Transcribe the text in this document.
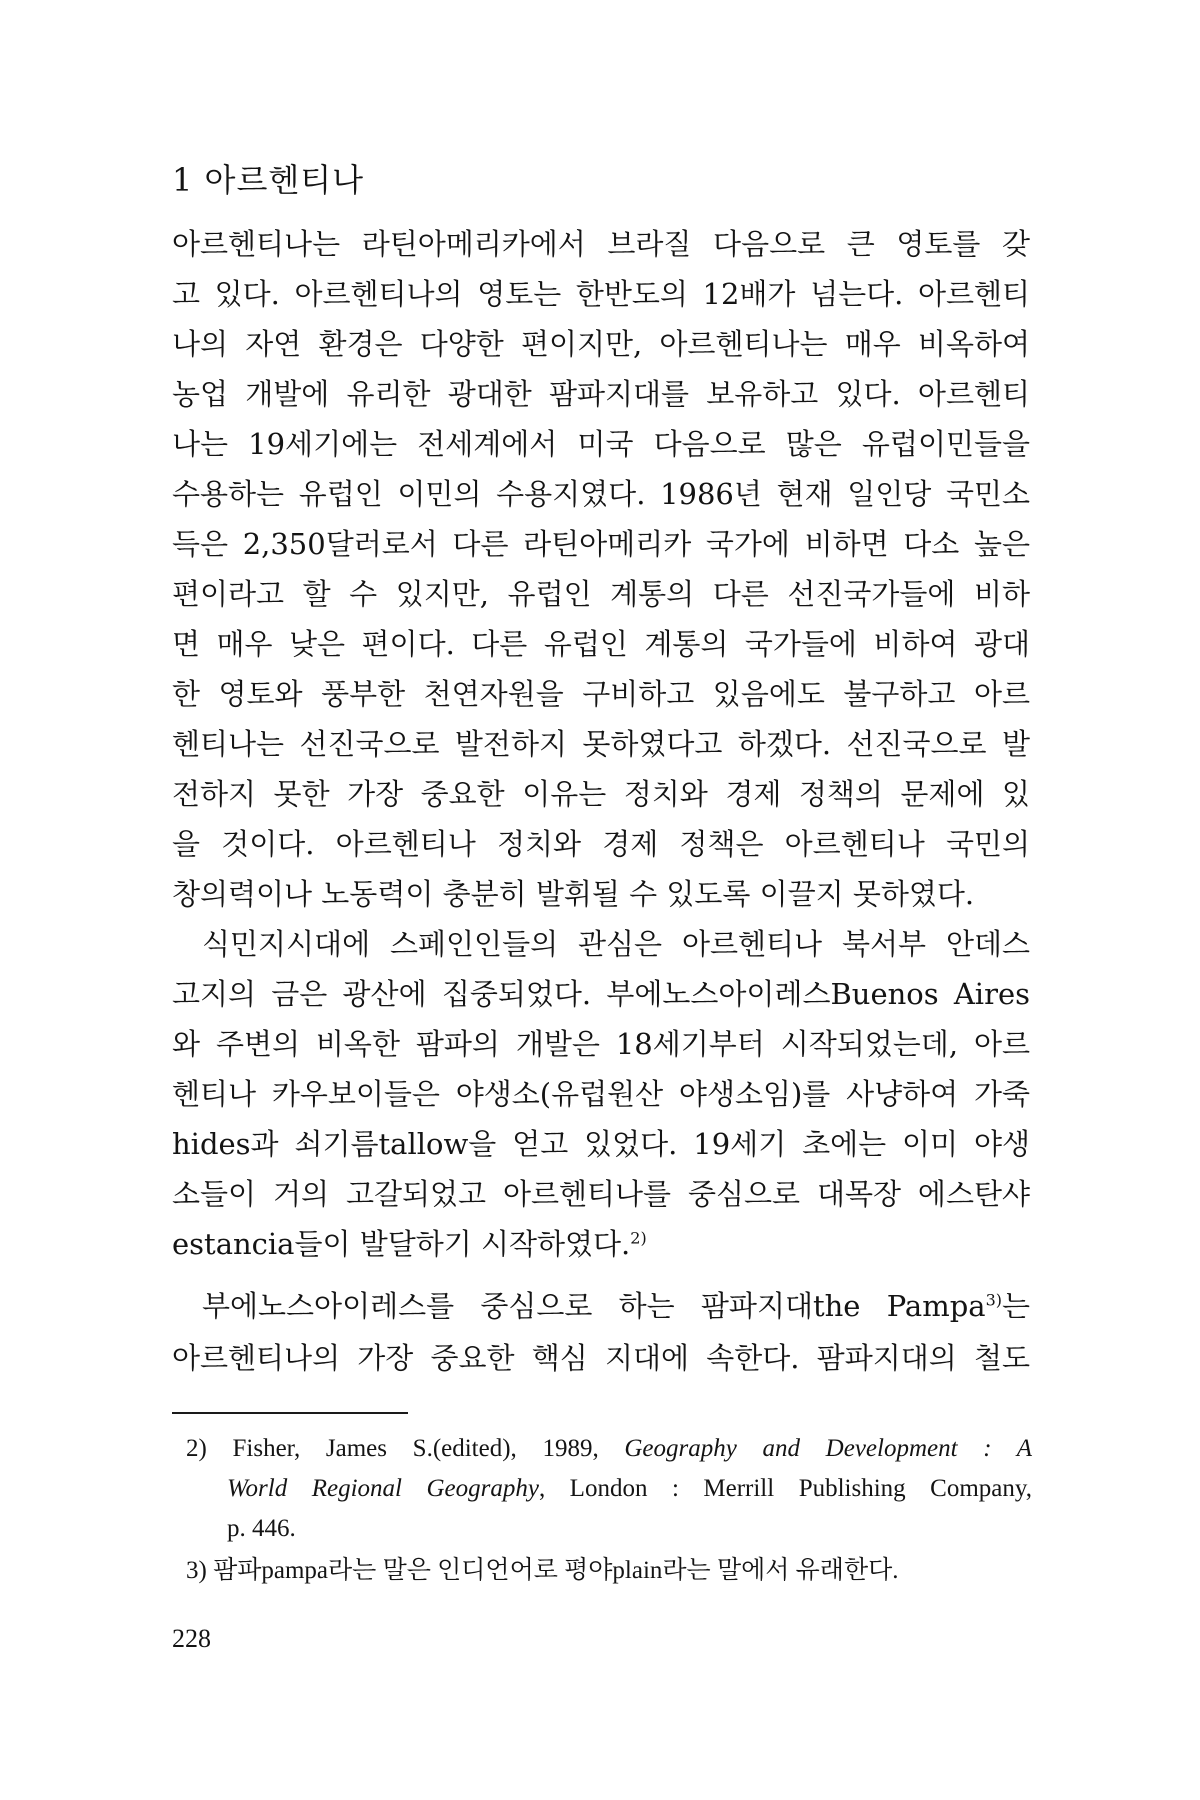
1 아르헨티나
아르헨티나는 라틴아메리카에서 브라질 다음으로 큰 영토를 갖
고 있다. 아르헨티나의 영토는 한반도의 12배가 넘는다. 아르헨티
나의 자연 환경은 다양한 편이지만, 아르헨티나는 매우 비옥하여
농업 개발에 유리한 광대한 팜파지대를 보유하고 있다. 아르헨티
나는 19세기에는 전세계에서 미국 다음으로 많은 유럽이민들을
수용하는 유럽인 이민의 수용지였다. 1986년 현재 일인당 국민소
득은 2,350달러로서 다른 라틴아메리카 국가에 비하면 다소 높은
편이라고 할 수 있지만, 유럽인 계통의 다른 선진국가들에 비하
면 매우 낮은 편이다. 다른 유럽인 계통의 국가들에 비하여 광대
한 영토와 풍부한 천연자원을 구비하고 있음에도 불구하고 아르
헨티나는 선진국으로 발전하지 못하였다고 하겠다. 선진국으로 발
전하지 못한 가장 중요한 이유는 정치와 경제 정책의 문제에 있
을 것이다. 아르헨티나 정치와 경제 정책은 아르헨티나 국민의
창의력이나 노동력이 충분히 발휘될 수 있도록 이끌지 못하였다.
식민지시대에 스페인인들의 관심은 아르헨티나 북서부 안데스
고지의 금은 광산에 집중되었다. 부에노스아이레스Buenos Aires
와 주변의 비옥한 팜파의 개발은 18세기부터 시작되었는데, 아르
헨티나 카우보이들은 야생소(유럽원산 야생소임)를 사냥하여 가죽
hides과 쇠기름tallow을 얻고 있었다. 19세기 초에는 이미 야생
소들이 거의 고갈되었고 아르헨티나를 중심으로 대목장 에스탄샤
estancia들이 발달하기 시작하였다.$^{2)}$
부에노스아이레스를 중심으로 하는 팜파지대the Pampa$^{3)}$는
아르헨티나의 가장 중요한 핵심 지대에 속한다. 팜파지대의 철도
2) Fisher, James S.(edited), 1989, Geography and Development : A
World Regional Geography, London : Merrill Publishing Company,
p. 446.
3) 팜파pampa라는 말은 인디언어로 평야plain라는 말에서 유래한다.
228
